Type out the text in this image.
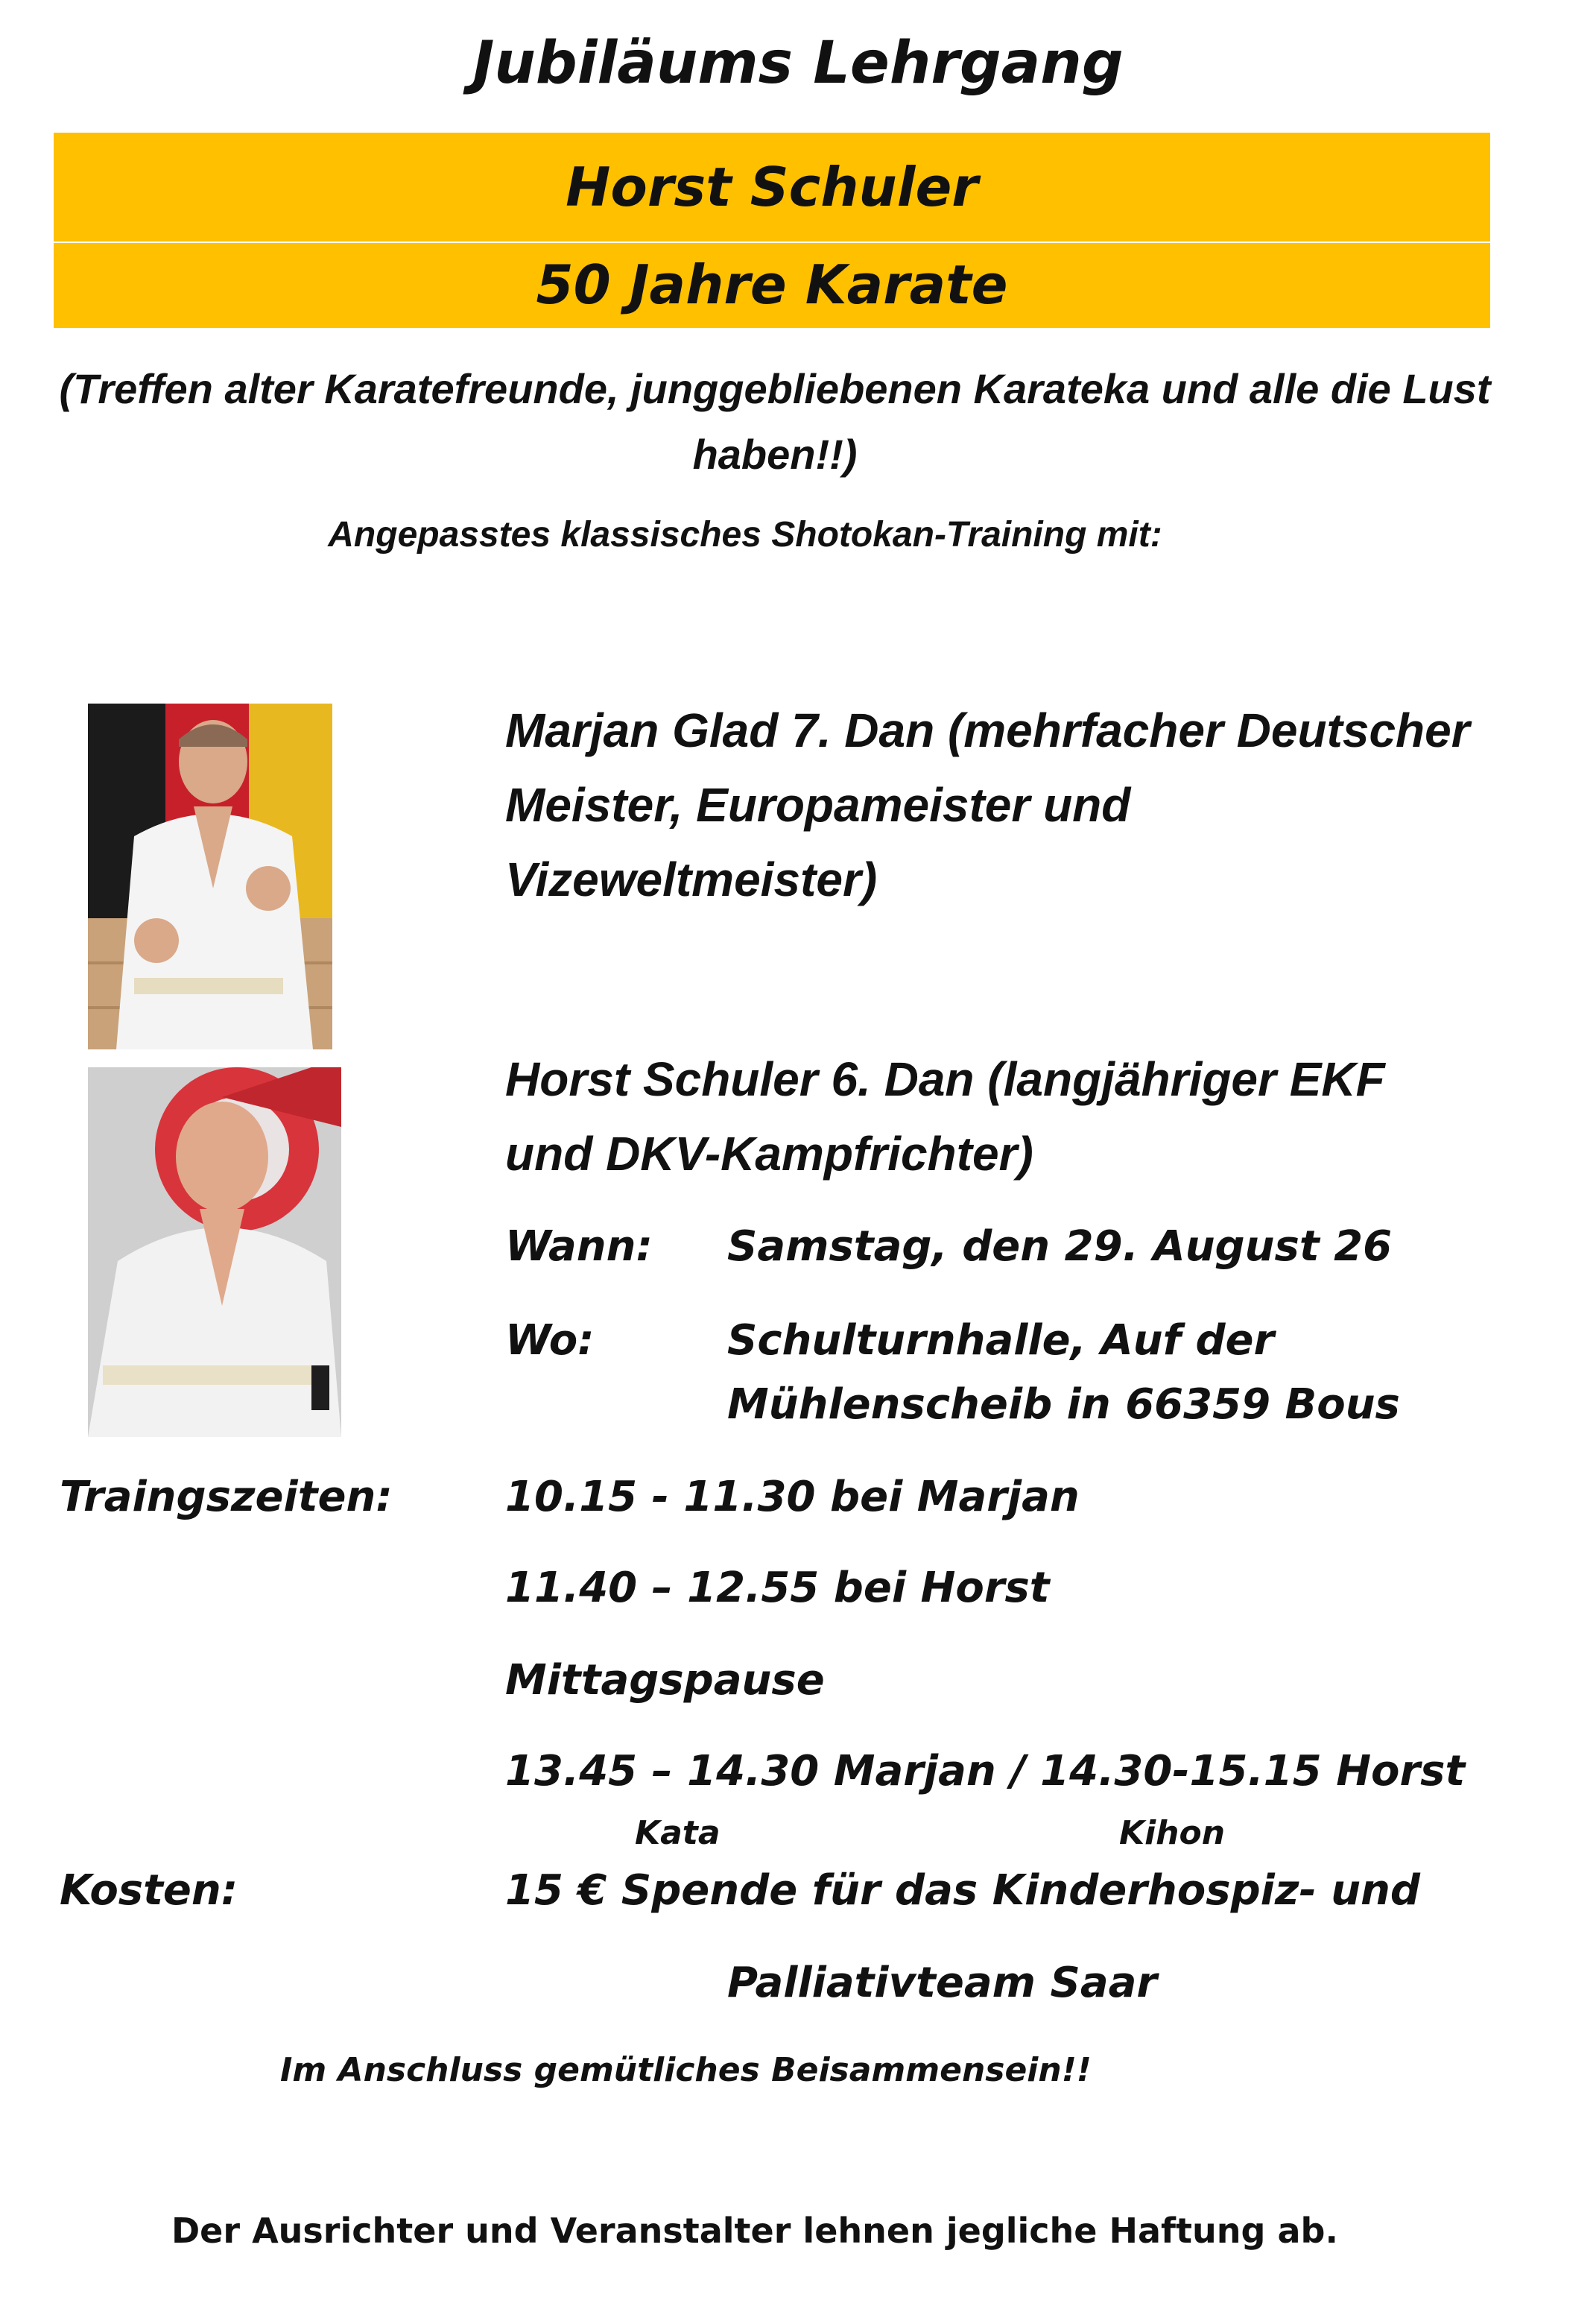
Jubiläums Lehrgang
Horst Schuler
50 Jahre Karate
(Treffen alter Karatefreunde, junggebliebenen Karateka und alle die Lust haben!!)
Angepasstes klassisches Shotokan-Training mit:
Marjan Glad 7. Dan (mehrfacher Deutscher Meister, Europameister und Vizeweltmeister)
Horst Schuler 6. Dan (langjähriger EKF und DKV-Kampfrichter)
Wann: Samstag, den 29. August 26
Wo:	Schulturnhalle, Auf der
Mühlenscheib in 66359 Bous
Traingszeiten:	10.15 - 11.30 bei Marjan
11.40 – 12.55 bei Horst
Mittagspause
13.45 – 14.30 Marjan / 14.30-15.15 Horst
Kata	Kihon
Kosten:	15 € Spende für das Kinderhospiz- und
Palliativteam Saar
Im Anschluss gemütliches Beisammensein!!
Der Ausrichter und Veranstalter lehnen jegliche Haftung ab.
